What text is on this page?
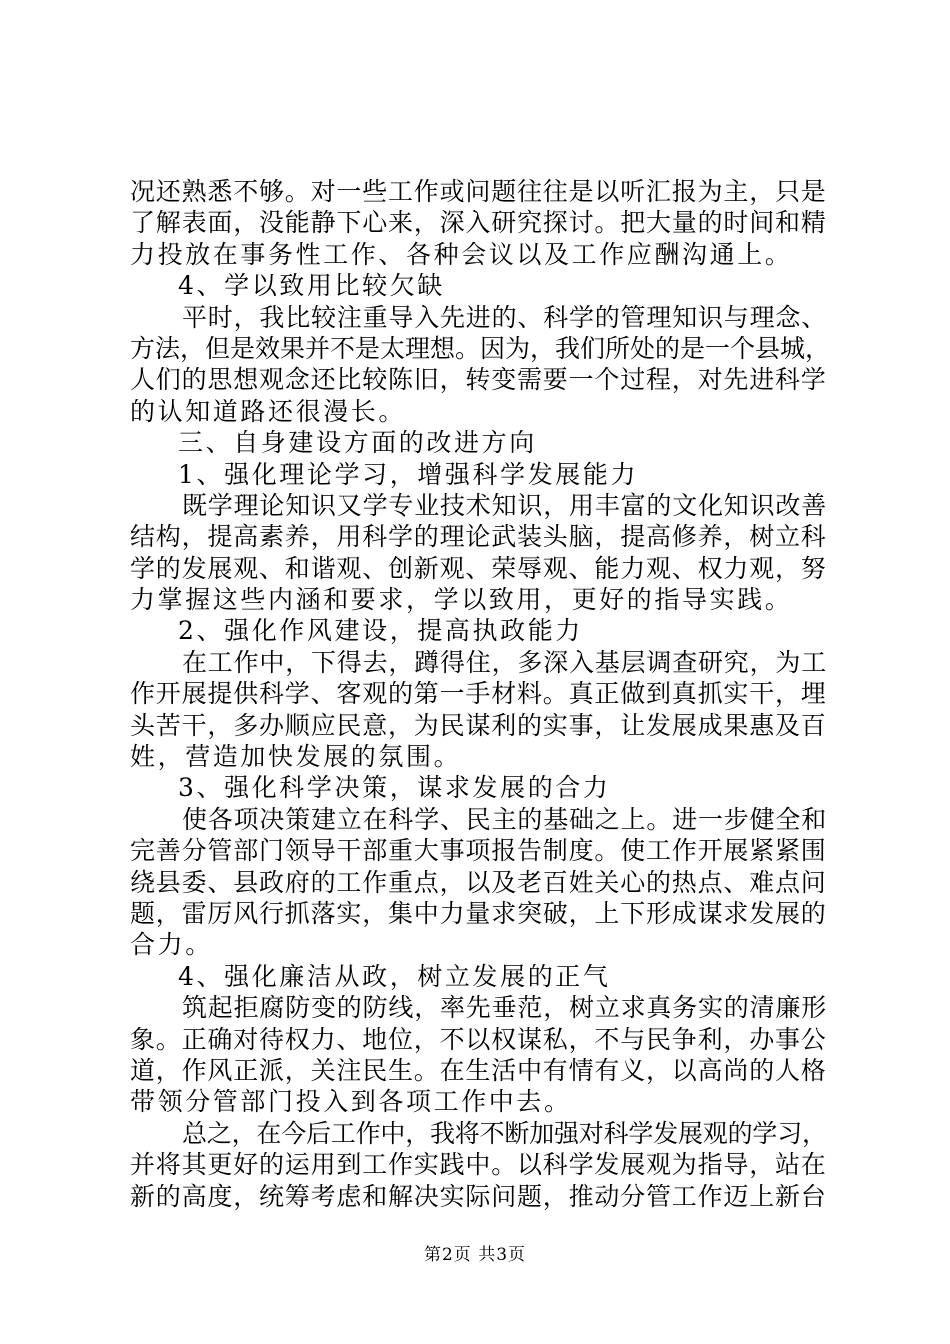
况还熟悉不够。对一些工作或问题往往是以听汇报为主，只是
了解表面，没能静下心来，深入研究探讨。把大量的时间和精
力投放在事务性工作、各种会议以及工作应酬沟通上。
4、学以致用比较欠缺
平时，我比较注重导入先进的、科学的管理知识与理念、
方法，但是效果并不是太理想。因为，我们所处的是一个县城，
人们的思想观念还比较陈旧，转变需要一个过程，对先进科学
的认知道路还很漫长。
三、自身建设方面的改进方向
1、强化理论学习，增强科学发展能力
既学理论知识又学专业技术知识，用丰富的文化知识改善
结构，提高素养，用科学的理论武装头脑，提高修养，树立科
学的发展观、和谐观、创新观、荣辱观、能力观、权力观，努
力掌握这些内涵和要求，学以致用，更好的指导实践。
2、强化作风建设，提高执政能力
在工作中，下得去，蹲得住，多深入基层调查研究，为工
作开展提供科学、客观的第一手材料。真正做到真抓实干，埋
头苦干，多办顺应民意，为民谋利的实事，让发展成果惠及百
姓，营造加快发展的氛围。
3、强化科学决策，谋求发展的合力
使各项决策建立在科学、民主的基础之上。进一步健全和
完善分管部门领导干部重大事项报告制度。使工作开展紧紧围
绕县委、县政府的工作重点，以及老百姓关心的热点、难点问
题，雷厉风行抓落实，集中力量求突破，上下形成谋求发展的
合力。
4、强化廉洁从政，树立发展的正气
筑起拒腐防变的防线，率先垂范，树立求真务实的清廉形
象。正确对待权力、地位，不以权谋私，不与民争利，办事公
道，作风正派，关注民生。在生活中有情有义，以高尚的人格
带领分管部门投入到各项工作中去。
总之，在今后工作中，我将不断加强对科学发展观的学习，
并将其更好的运用到工作实践中。以科学发展观为指导，站在
新的高度，统筹考虑和解决实际问题，推动分管工作迈上新台
第2页 共3页
